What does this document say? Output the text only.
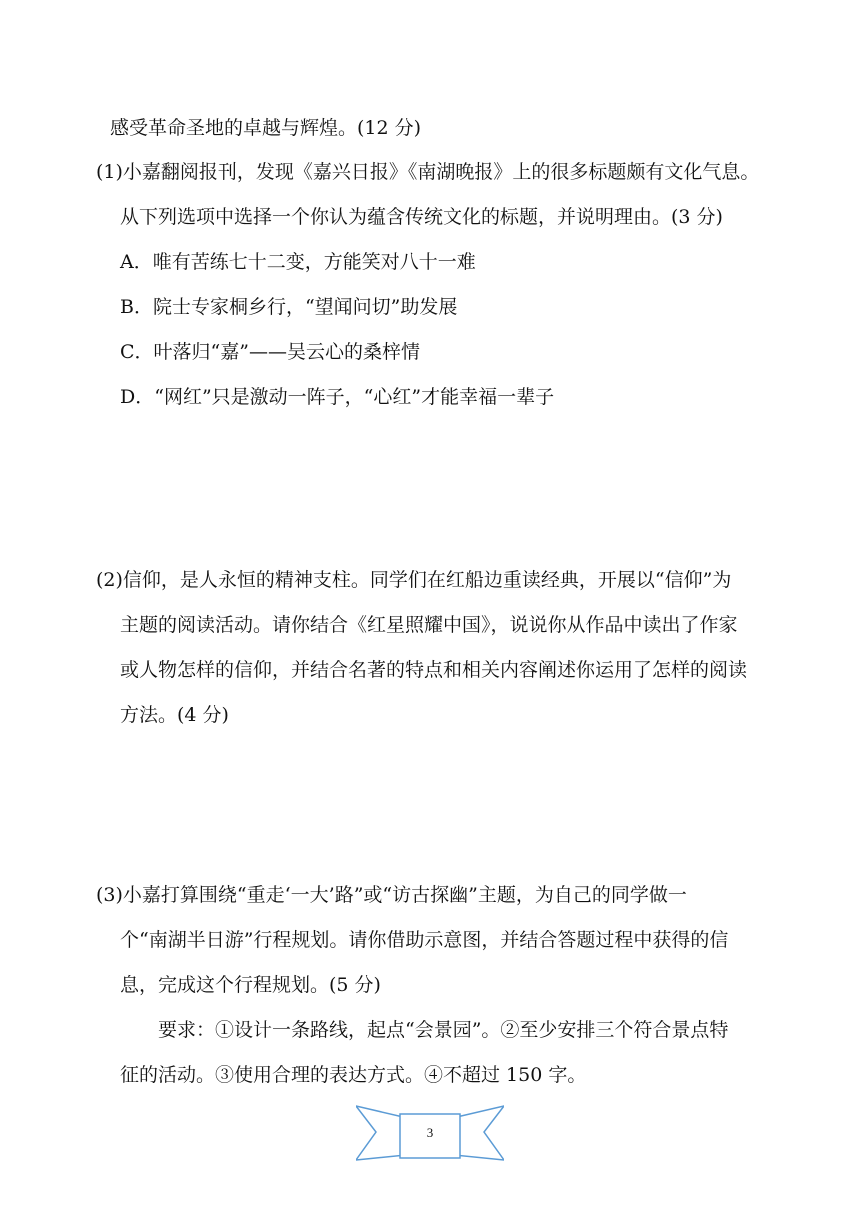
感受革命圣地的卓越与辉煌。(12 分)
(1)小嘉翻阅报刊，发现《嘉兴日报》《南湖晚报》上的很多标题颇有文化气息。
从下列选项中选择一个你认为蕴含传统文化的标题，并说明理由。(3 分)
A．唯有苦练七十二变，方能笑对八十一难
B．院士专家桐乡行，“望闻问切”助发展
C．叶落归“嘉”——吴云心的桑梓情
D．“网红”只是激动一阵子，“心红”才能幸福一辈子
(2)信仰，是人永恒的精神支柱。同学们在红船边重读经典，开展以“信仰”为
主题的阅读活动。请你结合《红星照耀中国》，说说你从作品中读出了作家
或人物怎样的信仰，并结合名著的特点和相关内容阐述你运用了怎样的阅读
方法。(4 分)
(3)小嘉打算围绕“重走‘一大’路”或“访古探幽”主题，为自己的同学做一
个“南湖半日游”行程规划。请你借助示意图，并结合答题过程中获得的信
息，完成这个行程规划。(5 分)
要求：①设计一条路线，起点“会景园”。②至少安排三个符合景点特
征的活动。③使用合理的表达方式。④不超过 150 字。
3
